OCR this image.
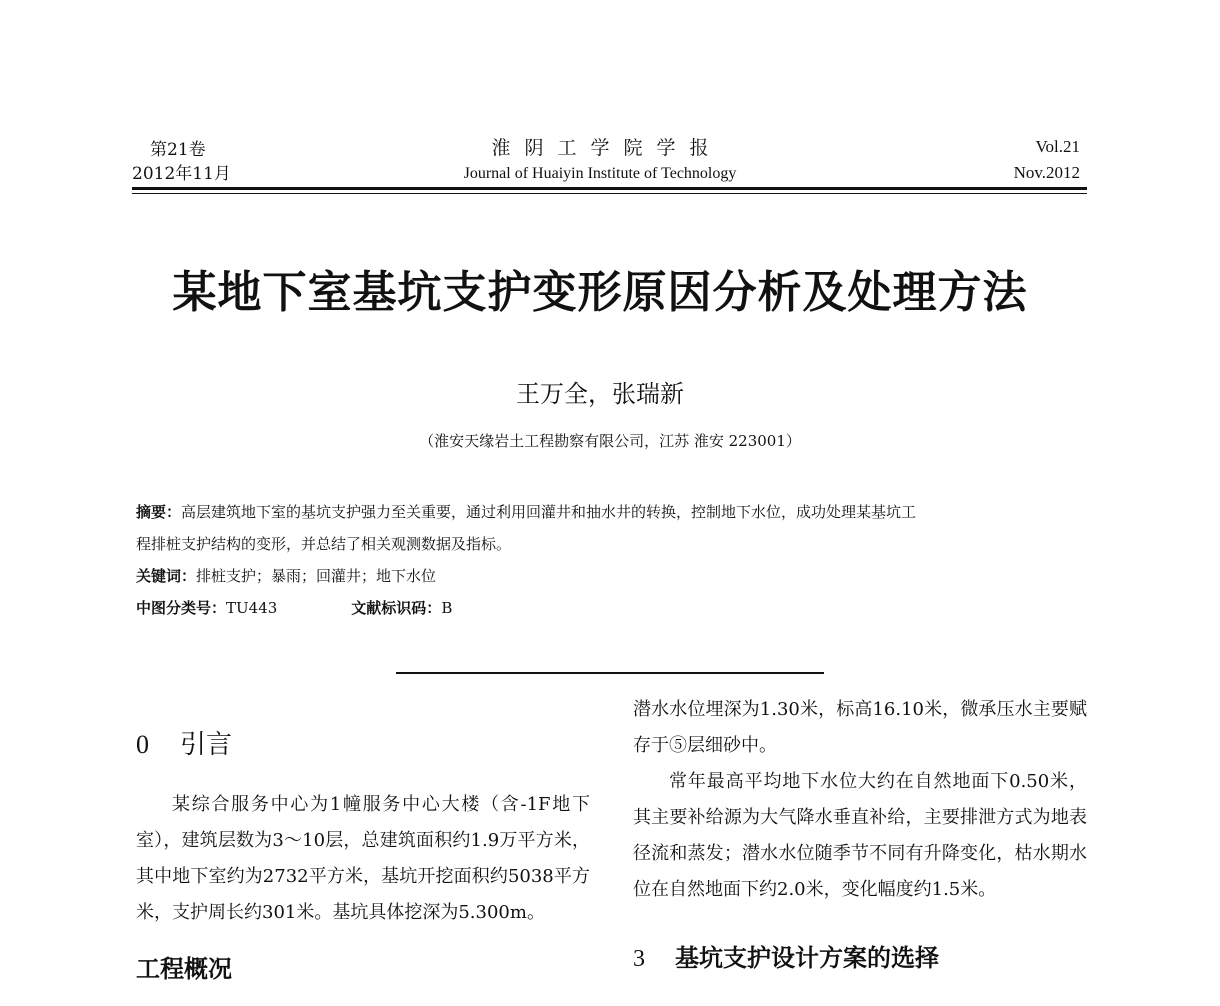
第21卷
2012年11月
淮阴工学院学报
Journal of Huaiyin Institute of Technology
Vol.21
Nov.2012
某地下室基坑支护变形原因分析及处理方法
王万全，张瑞新
（淮安天缘岩土工程勘察有限公司，江苏 淮安 223001）
摘要：高层建筑地下室的基坑支护强力至关重要，通过利用回灌井和抽水井的转换，控制地下水位，成功处理某基坑工
程排桩支护结构的变形，并总结了相关观测数据及指标。
关键词：排桩支护；暴雨；回灌井；地下水位
中图分类号：TU443	文献标识码：B
0 引言

某综合服务中心为1幢服务中心大楼（含-1F地下室），建筑层数为3～10层，总建筑面积约1.9万平方米，其中地下室约为2732平方米，基坑开挖面积约5038平方米，支护周长约301米。基坑具体挖深为5.300m。

工程概况

潜水水位埋深为1.30米，标高16.10米，微承压水主要赋存于⑤层细砂中。

常年最高平均地下水位大约在自然地面下0.50米，其主要补给源为大气降水垂直补给，主要排泄方式为地表径流和蒸发；潜水水位随季节不同有升降变化，枯水期水位在自然地面下约2.0米，变化幅度约1.5米。

3 基坑支护设计方案的选择
